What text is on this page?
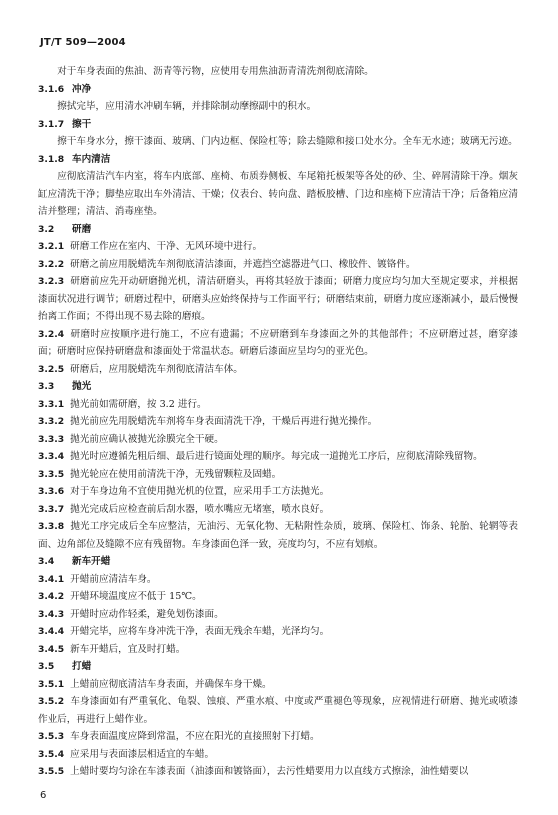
JT/T 509—2004
对于车身表面的焦油、沥青等污物，应使用专用焦油沥青清洗剂彻底清除。
3.1.6 冲净
擦拭完毕，应用清水冲刷车辆，并排除制动摩擦副中的积水。
3.1.7 擦干
擦干车身水分，擦干漆面、玻璃、门内边框、保险杠等；除去缝隙和接口处水分。全车无水迹；玻璃无污迹。
3.1.8 车内清洁
应彻底清洁汽车内室，将车内底部、座椅、布质券侧板、车尾箱托板架等各处的砂、尘、碎屑清除干净。烟灰缸应清洗干净；脚垫应取出车外清洁、干燥；仪表台、转向盘、踏板胶槽、门边和座椅下应清洁干净；后备箱应清洁并整理；清洁、消毒座垫。
3.2 研磨
3.2.1 研磨工作应在室内、干净、无风环境中进行。
3.2.2 研磨之前应用脱蜡洗车剂彻底清洁漆面，并遮挡空滤器进气口、橡胶件、镀铬件。
3.2.3 研磨前应先开动研磨抛光机，清洁研磨头，再将其轻放于漆面；研磨力度应均匀加大至规定要求，并根据漆面状况进行调节；研磨过程中，研磨头应始终保持与工作面平行；研磨结束前，研磨力度应逐渐减小，最后慢慢抬离工作面；不得出现不易去除的磨痕。
3.2.4 研磨时应按顺序进行施工，不应有遗漏；不应研磨到车身漆面之外的其他部件；不应研磨过甚，磨穿漆面；研磨时应保持研磨盘和漆面处于常温状态。研磨后漆面应呈均匀的亚光色。
3.2.5 研磨后，应用脱蜡洗车剂彻底清洁车体。
3.3 抛光
3.3.1 抛光前如需研磨，按 3.2 进行。
3.3.2 抛光前应先用脱蜡洗车剂将车身表面清洗干净，干燥后再进行抛光操作。
3.3.3 抛光前应确认被抛光涂膜完全干硬。
3.3.4 抛光时应遵循先粗后细、最后进行镜面处理的顺序。每完成一道抛光工序后，应彻底清除残留物。
3.3.5 抛光轮应在使用前清洗干净，无残留颗粒及固蜡。
3.3.6 对于车身边角不宜使用抛光机的位置，应采用手工方法抛光。
3.3.7 抛光完成后应检查前后刮水器，喷水嘴应无堵塞，喷水良好。
3.3.8 抛光工序完成后全车应整洁，无油污、无氧化物、无粘附性杂质，玻璃、保险杠、饰条、轮胎、轮辋等表面、边角部位及缝隙不应有残留物。车身漆面色泽一致，亮度均匀，不应有划痕。
3.4 新车开蜡
3.4.1 开蜡前应清洁车身。
3.4.2 开蜡环境温度应不低于 15℃。
3.4.3 开蜡时应动作轻柔，避免划伤漆面。
3.4.4 开蜡完毕，应将车身冲洗干净，表面无残余车蜡，光泽均匀。
3.4.5 新车开蜡后，宜及时打蜡。
3.5 打蜡
3.5.1 上蜡前应彻底清洁车身表面，并确保车身干燥。
3.5.2 车身漆面如有严重氧化、龟裂、蚀痕、严重水痕、中度或严重褪色等现象，应视情进行研磨、抛光或喷漆作业后，再进行上蜡作业。
3.5.3 车身表面温度应降到常温，不应在阳光的直接照射下打蜡。
3.5.4 应采用与表面漆层相适宜的车蜡。
3.5.5 上蜡时要均匀涂在车漆表面（油漆面和镀铬面），去污性蜡要用力以直线方式擦涂，油性蜡要以
6
